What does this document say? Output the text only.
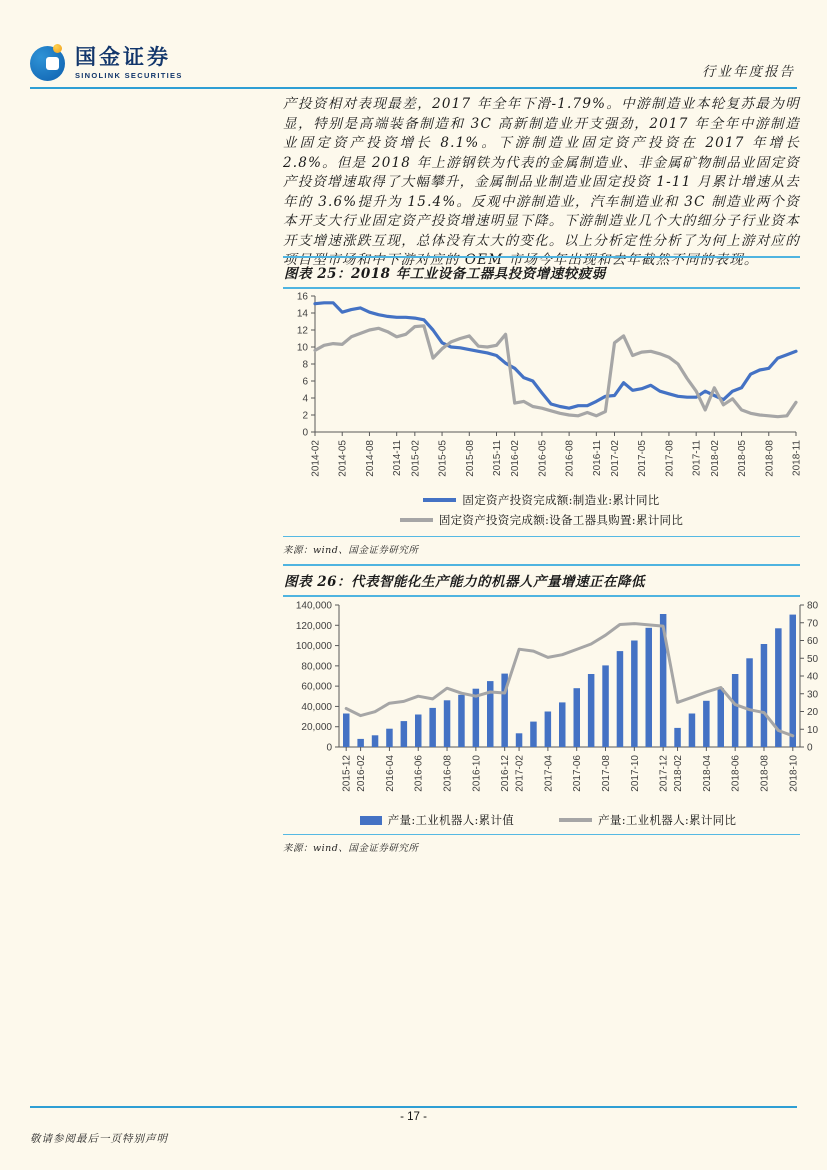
国金证券
SINOLINK SECURITIES	行业年度报告
产投资相对表现最差，2017 年全年下滑-1.79%。中游制造业本轮复苏最为明显，特别是高端装备制造和 3C 高新制造业开支强劲，2017 年全年中游制造业固定资产投资增长 8.1%。下游制造业固定资产投资在 2017 年增长 2.8%。但是 2018 年上游钢铁为代表的金属制造业、非金属矿物制品业固定资产投资增速取得了大幅攀升，金属制品业制造业固定投资 1-11 月累计增速从去年的 3.6%提升为 15.4%。反观中游制造业，汽车制造业和 3C 制造业两个资本开支大行业固定资产投资增速明显下降。下游制造业几个大的细分子行业资本开支增速涨跌互现，总体没有太大的变化。以上分析定性分析了为何上游对应的项目型市场和中下游对应的 OEM 市场今年出现和去年截然不同的表现。
图表 25：2018 年工业设备工器具投资增速较疲弱
0
2
4
6
8
10
12
14
16
2014-02 2014-05 2014-08 2014-11 2015-02 2015-05 2015-08 2015-11 2016-02 2016-05 2016-08 2016-11 2017-02 2017-05 2017-08 2017-11 2018-02 2018-05 2018-08 2018-11
固定资产投资完成额:制造业:累计同比
固定资产投资完成额:设备工器具购置:累计同比
来源：wind、国金证券研究所
图表 26：代表智能化生产能力的机器人产量增速正在降低
0
20,000
40,000
60,000
80,000
100,000
120,000
140,000
0
10
20
30
40
50
60
70
80
2015-12 2016-02 2016-04 2016-06 2016-08 2016-10 2016-12 2017-02 2017-04 2017-06 2017-08 2017-10 2017-12 2018-02 2018-04 2018-06 2018-08 2018-10
产量:工业机器人:累计值	产量:工业机器人:累计同比
来源：wind、国金证券研究所
- 17 -
敬请参阅最后一页特别声明
